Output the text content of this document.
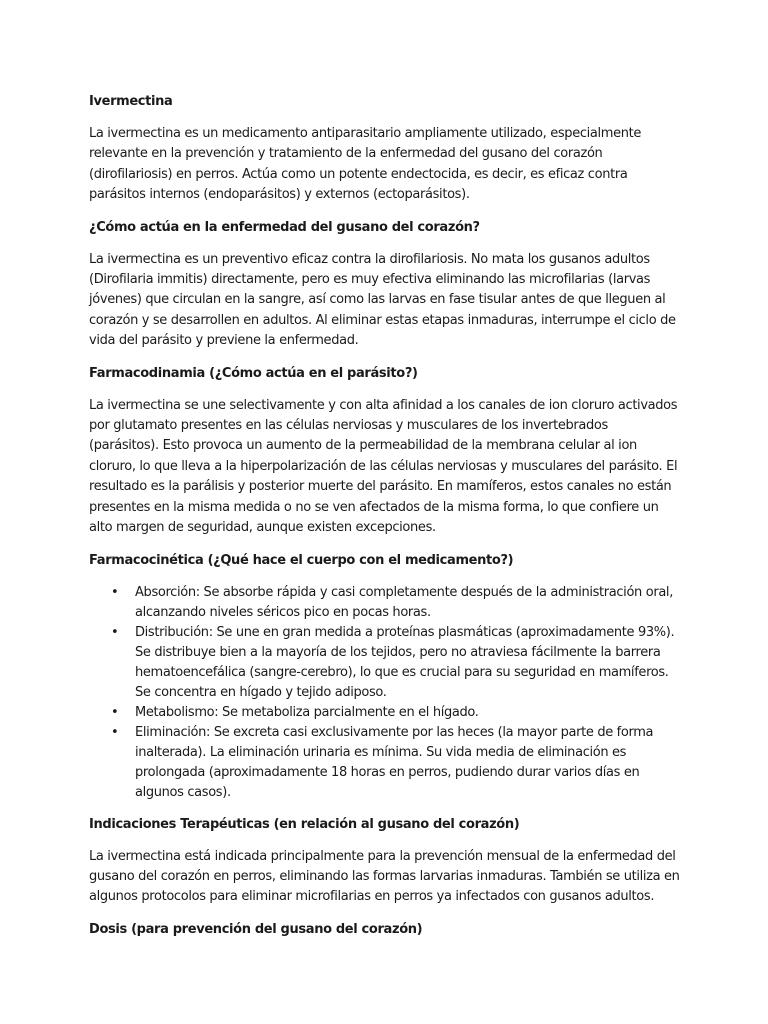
Ivermectina

La ivermectina es un medicamento antiparasitario ampliamente utilizado, especialmente relevante en la prevención y tratamiento de la enfermedad del gusano del corazón (dirofilariosis) en perros. Actúa como un potente endectocida, es decir, es eficaz contra parásitos internos (endoparásitos) y externos (ectoparásitos).

¿Cómo actúa en la enfermedad del gusano del corazón?

La ivermectina es un preventivo eficaz contra la dirofilariosis. No mata los gusanos adultos (Dirofilaria immitis) directamente, pero es muy efectiva eliminando las microfilarias (larvas jóvenes) que circulan en la sangre, así como las larvas en fase tisular antes de que lleguen al corazón y se desarrollen en adultos. Al eliminar estas etapas inmaduras, interrumpe el ciclo de vida del parásito y previene la enfermedad.

Farmacodinamia (¿Cómo actúa en el parásito?)

La ivermectina se une selectivamente y con alta afinidad a los canales de ion cloruro activados por glutamato presentes en las células nerviosas y musculares de los invertebrados (parásitos). Esto provoca un aumento de la permeabilidad de la membrana celular al ion cloruro, lo que lleva a la hiperpolarización de las células nerviosas y musculares del parásito. El resultado es la parálisis y posterior muerte del parásito. En mamíferos, estos canales no están presentes en la misma medida o no se ven afectados de la misma forma, lo que confiere un alto margen de seguridad, aunque existen excepciones.

Farmacocinética (¿Qué hace el cuerpo con el medicamento?)

• Absorción: Se absorbe rápida y casi completamente después de la administración oral, alcanzando niveles séricos pico en pocas horas.
• Distribución: Se une en gran medida a proteínas plasmáticas (aproximadamente 93%). Se distribuye bien a la mayoría de los tejidos, pero no atraviesa fácilmente la barrera hematoencefálica (sangre-cerebro), lo que es crucial para su seguridad en mamíferos. Se concentra en hígado y tejido adiposo.
• Metabolismo: Se metaboliza parcialmente en el hígado.
• Eliminación: Se excreta casi exclusivamente por las heces (la mayor parte de forma inalterada). La eliminación urinaria es mínima. Su vida media de eliminación es prolongada (aproximadamente 18 horas en perros, pudiendo durar varios días en algunos casos).

Indicaciones Terapéuticas (en relación al gusano del corazón)

La ivermectina está indicada principalmente para la prevención mensual de la enfermedad del gusano del corazón en perros, eliminando las formas larvarias inmaduras. También se utiliza en algunos protocolos para eliminar microfilarias en perros ya infectados con gusanos adultos.

Dosis (para prevención del gusano del corazón)
